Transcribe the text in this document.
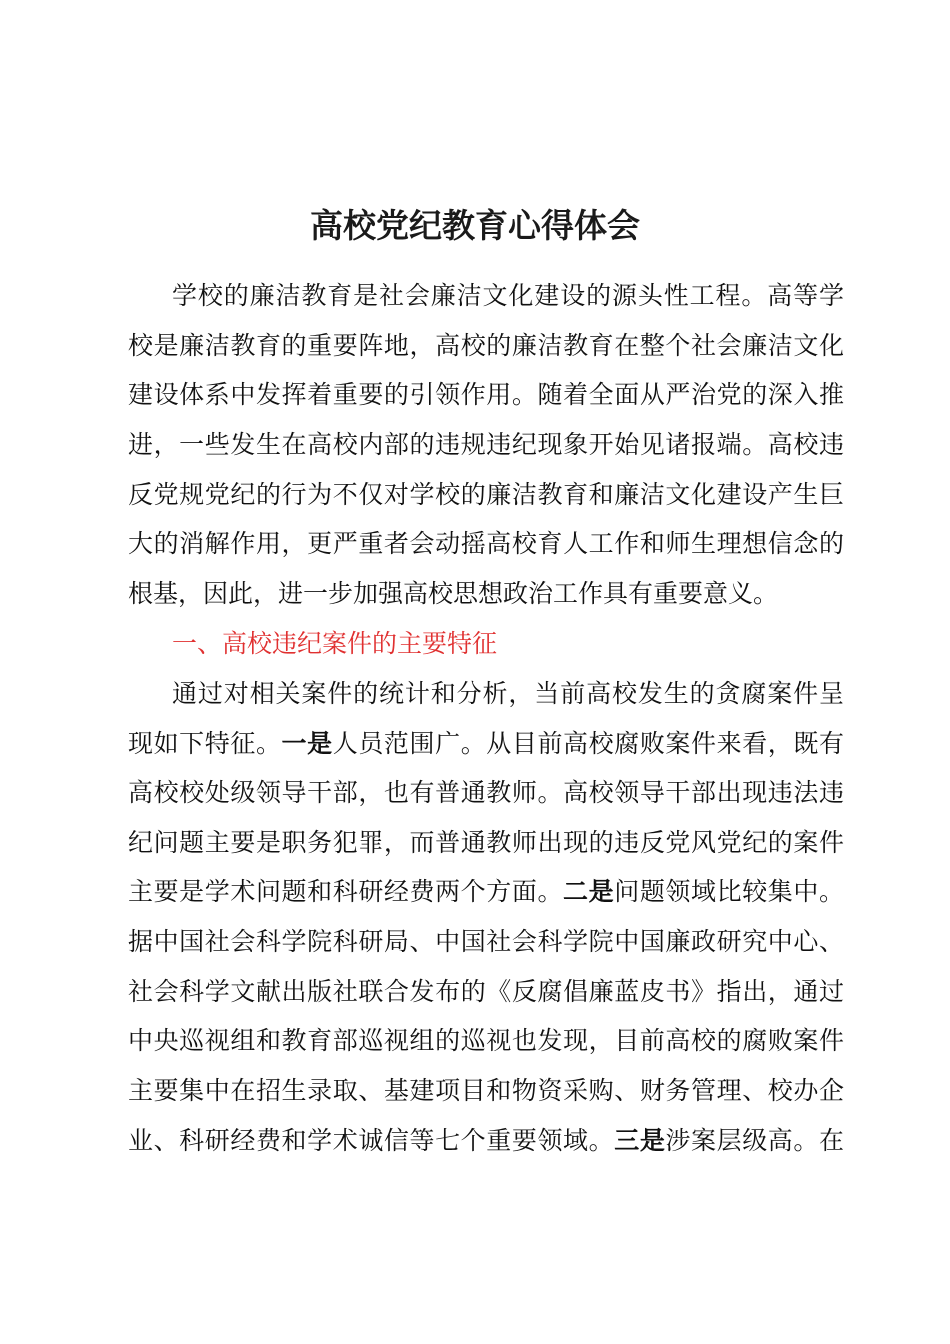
高校党纪教育心得体会
学校的廉洁教育是社会廉洁文化建设的源头性工程。高等学
校是廉洁教育的重要阵地，高校的廉洁教育在整个社会廉洁文化
建设体系中发挥着重要的引领作用。随着全面从严治党的深入推
进，一些发生在高校内部的违规违纪现象开始见诸报端。高校违
反党规党纪的行为不仅对学校的廉洁教育和廉洁文化建设产生巨
大的消解作用，更严重者会动摇高校育人工作和师生理想信念的
根基，因此，进一步加强高校思想政治工作具有重要意义。
一、高校违纪案件的主要特征
通过对相关案件的统计和分析，当前高校发生的贪腐案件呈
现如下特征。一是人员范围广。从目前高校腐败案件来看，既有
高校校处级领导干部，也有普通教师。高校领导干部出现违法违
纪问题主要是职务犯罪，而普通教师出现的违反党风党纪的案件
主要是学术问题和科研经费两个方面。二是问题领域比较集中。
据中国社会科学院科研局、中国社会科学院中国廉政研究中心、
社会科学文献出版社联合发布的《反腐倡廉蓝皮书》指出，通过
中央巡视组和教育部巡视组的巡视也发现，目前高校的腐败案件
主要集中在招生录取、基建项目和物资采购、财务管理、校办企
业、科研经费和学术诚信等七个重要领域。三是涉案层级高。在
